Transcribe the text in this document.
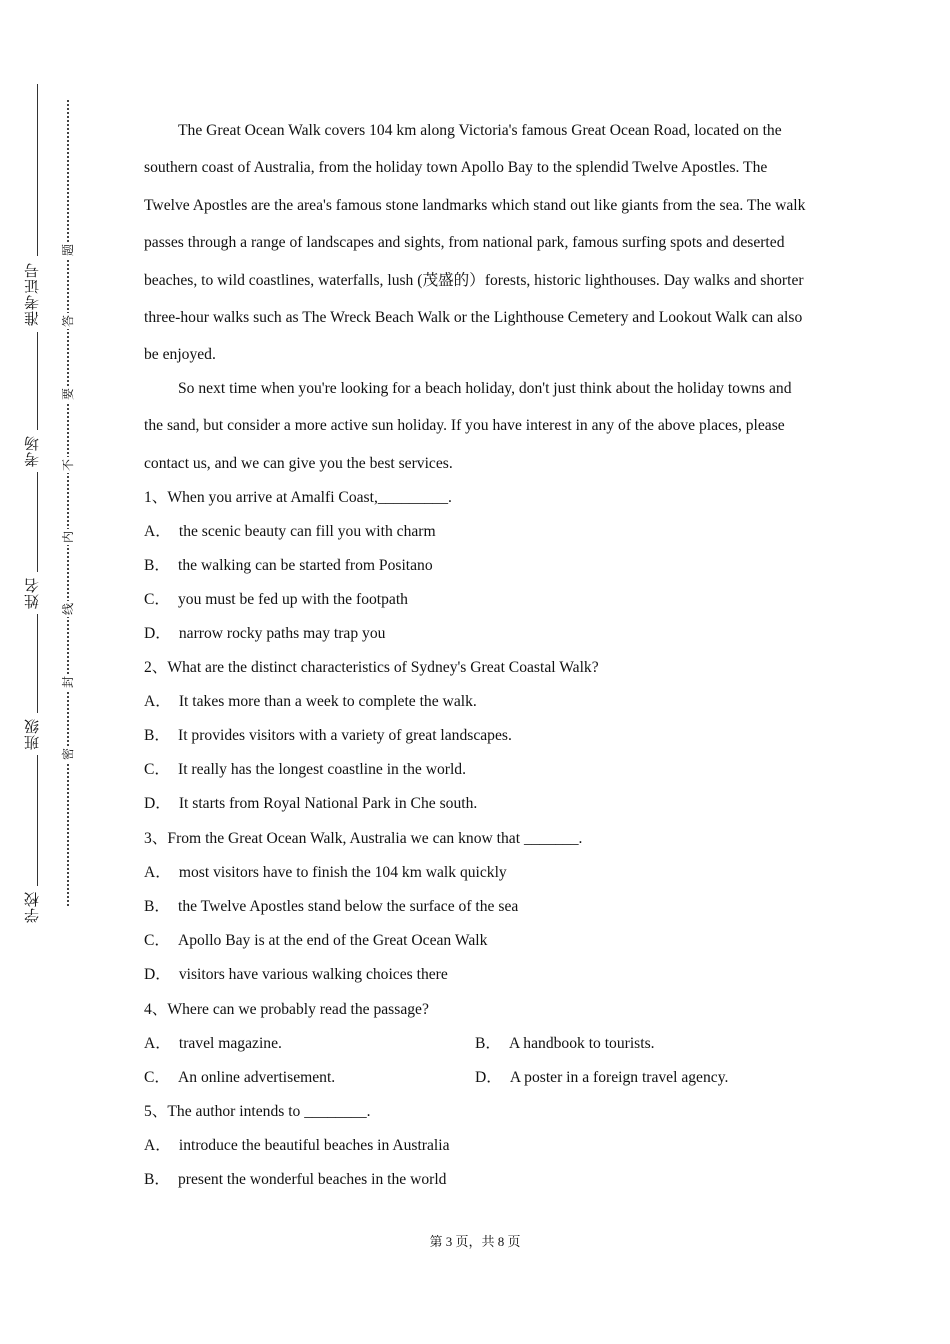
准考证号
考场
姓名
班级
学校
题
答
要
不
内
线
封
密

The Great Ocean Walk covers 104 km along Victoria's famous Great Ocean Road, located on the southern coast of Australia, from the holiday town Apollo Bay to the splendid Twelve Apostles. The Twelve Apostles are the area's famous stone landmarks which stand out like giants from the sea. The walk passes through a range of landscapes and sights, from national park, famous surfing spots and deserted beaches, to wild coastlines, waterfalls, lush (茂盛的）forests, historic lighthouses. Day walks and shorter three-hour walks such as The Wreck Beach Walk or the Lighthouse Cemetery and Lookout Walk can also be enjoyed.

So next time when you're looking for a beach holiday, don't just think about the holiday towns and the sand, but consider a more active sun holiday. If you have interest in any of the above places, please contact us, and we can give you the best services.

1、When you arrive at Amalfi Coast,_________.
A． the scenic beauty can fill you with charm
B． the walking can be started from Positano
C． you must be fed up with the footpath
D． narrow rocky paths may trap you
2、What are the distinct characteristics of Sydney's Great Coastal Walk?
A． It takes more than a week to complete the walk.
B． It provides visitors with a variety of great landscapes.
C． It really has the longest coastline in the world.
D． It starts from Royal National Park in Che south.
3、From the Great Ocean Walk, Australia we can know that _______.
A． most visitors have to finish the 104 km walk quickly
B． the Twelve Apostles stand below the surface of the sea
C． Apollo Bay is at the end of the Great Ocean Walk
D． visitors have various walking choices there
4、Where can we probably read the passage?
A． travel magazine.	B． A handbook to tourists.
C． An online advertisement.	D． A poster in a foreign travel agency.
5、The author intends to ________.
A． introduce the beautiful beaches in Australia
B． present the wonderful beaches in the world
第 3 页，共 8 页
